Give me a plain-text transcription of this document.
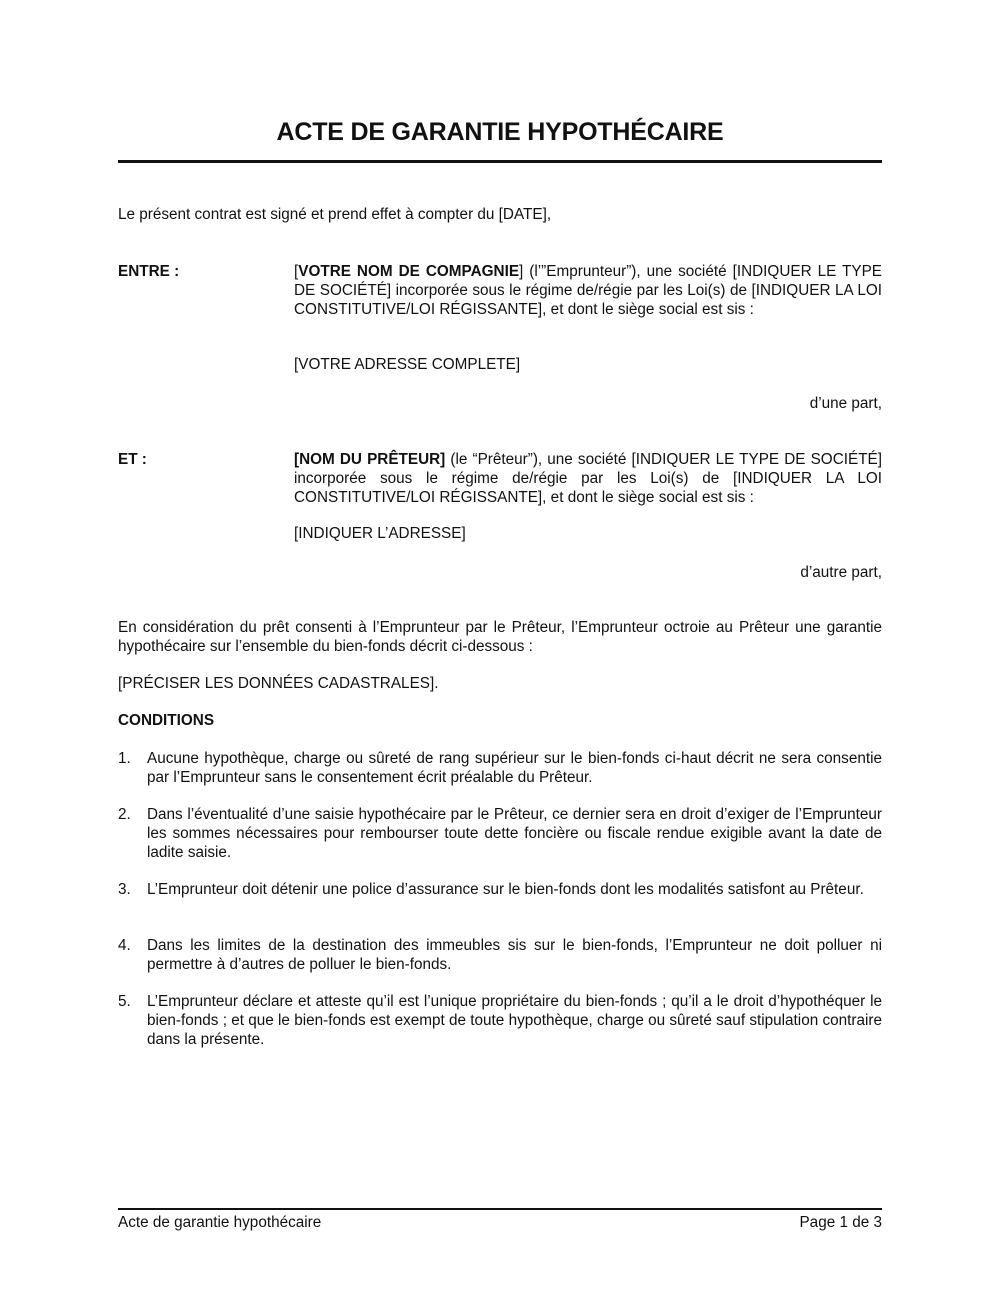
ACTE DE GARANTIE HYPOTHÉCAIRE

Le présent contrat est signé et prend effet à compter du [DATE],

ENTRE :	[VOTRE NOM DE COMPAGNIE] (l’”Emprunteur”), une société [INDIQUER LE TYPE DE SOCIÉTÉ] incorporée sous le régime de/régie par les Loi(s) de [INDIQUER LA LOI CONSTITUTIVE/LOI RÉGISSANTE], et dont le siège social est sis :

[VOTRE ADRESSE COMPLETE]

d’une part,
ET :	[NOM DU PRÊTEUR] (le “Prêteur”), une société [INDIQUER LE TYPE DE SOCIÉTÉ] incorporée sous le régime de/régie par les Loi(s) de [INDIQUER LA LOI CONSTITUTIVE/LOI RÉGISSANTE], et dont le siège social est sis :

[INDIQUER L’ADRESSE]

d’autre part,

En considération du prêt consenti à l’Emprunteur par le Prêteur, l’Emprunteur octroie au Prêteur une garantie hypothécaire sur l’ensemble du bien-fonds décrit ci-dessous :

[PRÉCISER LES DONNÉES CADASTRALES].

CONDITIONS
1.	Aucune hypothèque, charge ou sûreté de rang supérieur sur le bien-fonds ci-haut décrit ne sera consentie par l’Emprunteur sans le consentement écrit préalable du Prêteur.
2.	Dans l’éventualité d’une saisie hypothécaire par le Prêteur, ce dernier sera en droit d’exiger de l’Emprunteur les sommes nécessaires pour rembourser toute dette foncière ou fiscale rendue exigible avant la date de ladite saisie.
3.	L’Emprunteur doit détenir une police d’assurance sur le bien-fonds dont les modalités satisfont au Prêteur.
4.	Dans les limites de la destination des immeubles sis sur le bien-fonds, l’Emprunteur ne doit polluer ni permettre à d’autres de polluer le bien-fonds.
5.	L’Emprunteur déclare et atteste qu’il est l’unique propriétaire du bien-fonds ; qu’il a le droit d’hypothéquer le bien-fonds ; et que le bien-fonds est exempt de toute hypothèque, charge ou sûreté sauf stipulation contraire dans la présente.
Acte de garantie hypothécaire	Page 1 de 3
